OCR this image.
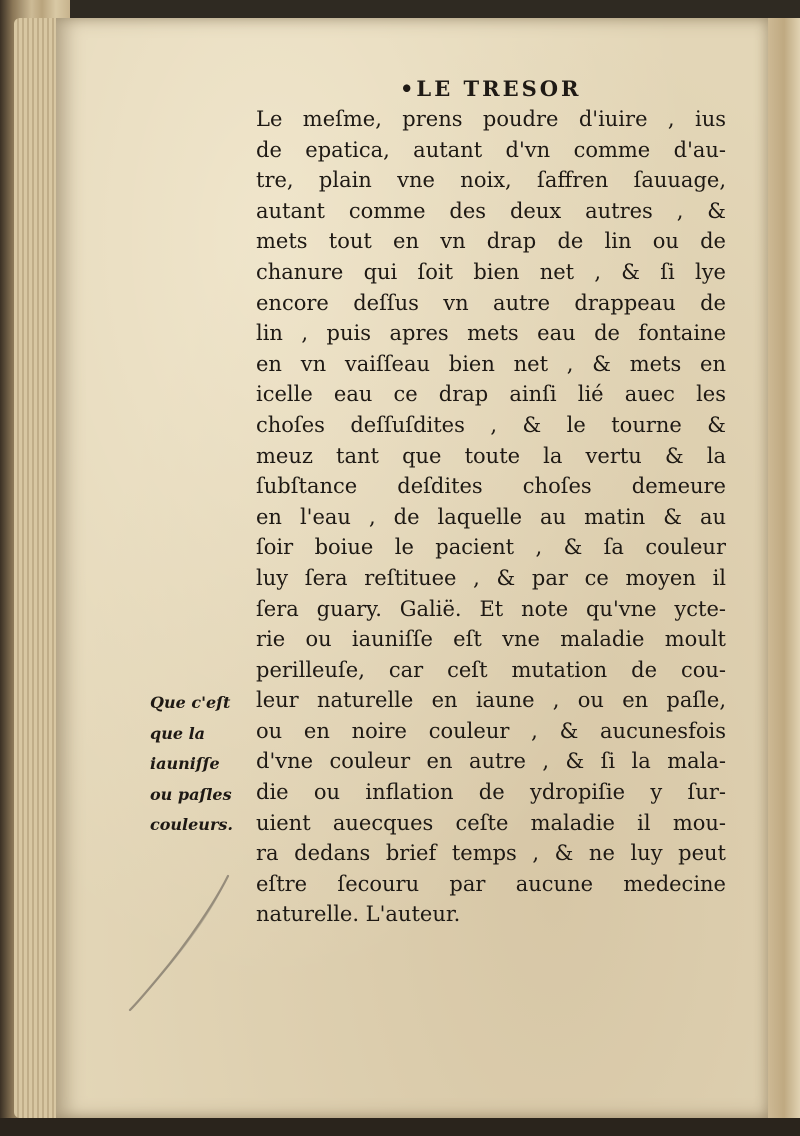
•LE TRESOR
Le meſme, prens poudre d'iuire , ius
de epatica, autant d'vn comme d'au-
tre, plain vne noix, ſaffren ſauuage,
autant comme des deux autres , &
mets tout en vn drap de lin ou de
chanure qui ſoit bien net , & ſi lye
encore deſſus vn autre drappeau de
lin , puis apres mets eau de fontaine
en vn vaiſſeau bien net , & mets en
icelle eau ce drap ainſi lié auec les
choſes deſſuſdites , & le tourne &
meuz tant que toute la vertu & la
ſubſtance deſdites choſes demeure
en l'eau , de laquelle au matin & au
ſoir boiue le pacient , & ſa couleur
luy ſera reſtituee , & par ce moyen il
ſera guary. Galië. Et note qu'vne ycte-
rie ou iauniſſe eſt vne maladie moult
perilleuſe, car ceſt mutation de cou-
leur naturelle en iaune , ou en paſle,
ou en noire couleur , & aucunesfois
d'vne couleur en autre , & ſi la mala-
die ou inflation de ydropiſie y ſur-
uient auecques ceſte maladie il mou-
ra dedans brief temps , & ne luy peut
eſtre ſecouru par aucune medecine
naturelle. L'auteur.
Que c'eſt
que la
iauniſſe
ou paſles
couleurs.
